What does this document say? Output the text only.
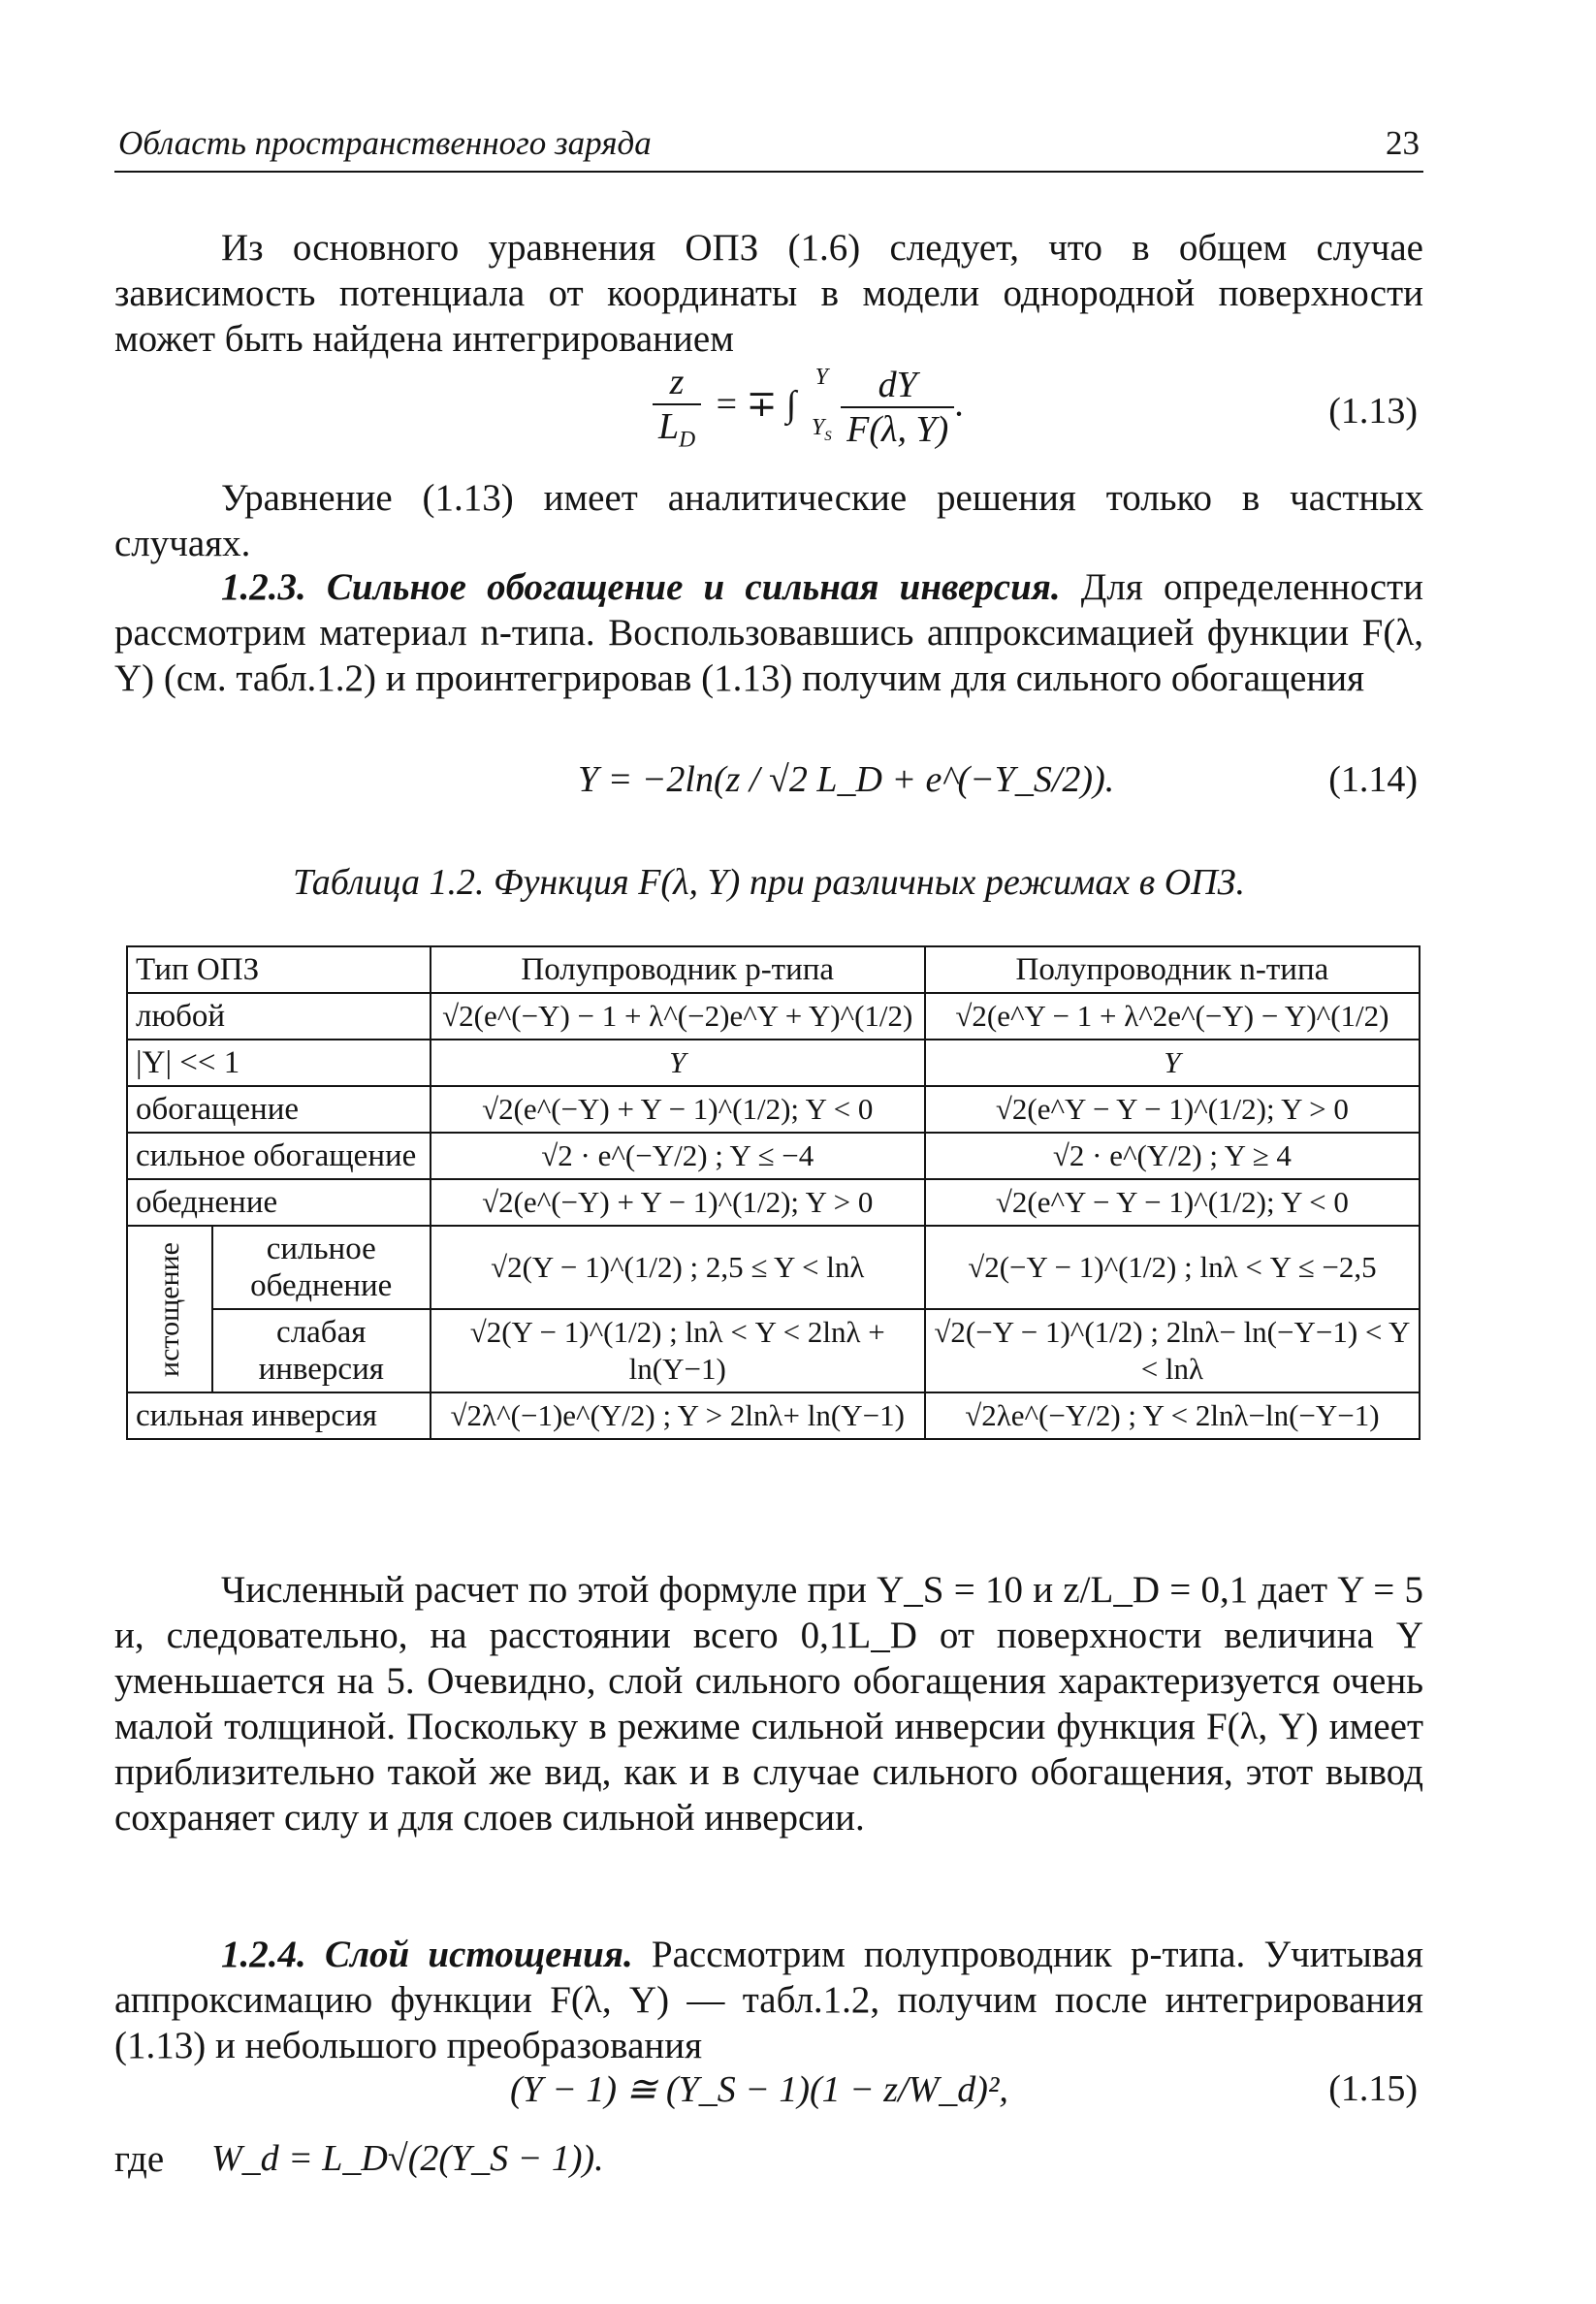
Область пространственного заряда	23

Из основного уравнения ОПЗ (1.6) следует, что в общем случае зависимость потенциала от координаты в модели однородной поверхности может быть найдена интегрированием

$\frac{z}{L_D}$ = ∓ ∫
Y

$Y_S$
$\frac{dY}{F(\lambda, Y)}$ .	(1.13)

Уравнение (1.13) имеет аналитические решения только в частных случаях.

1.2.3. Сильное обогащение и сильная инверсия. Для определенности рассмотрим материал n-типа. Воспользовавшись аппроксимацией функции F(λ, Y) (см. табл.1.2) и проинтегрировав (1.13) получим для сильного обогащения

Y = −2ln(z / √2 L_D + e^(−Y_S/2)).	(1.14)
Таблица 1.2. Функция F(λ, Y) при различных режимах в ОПЗ.
Тип ОПЗ		Полупроводник p-типа	Полупроводник n-типа
любой		√2(e^(−Y) − 1 + λ^(−2)e^Y + Y)^(1/2)	√2(e^Y − 1 + λ^2e^(−Y) − Y)^(1/2)
|Y| << 1		Y	Y
обогащение		√2(e^(−Y) + Y − 1)^(1/2); Y < 0	√2(e^Y − Y − 1)^(1/2); Y > 0
сильное обогащение		√2 · e^(−Y/2) ; Y ≤ −4	√2 · e^(Y/2) ; Y ≥ 4
обеднение		√2(e^(−Y) + Y − 1)^(1/2); Y > 0	√2(e^Y − Y − 1)^(1/2); Y < 0

истощение	сильное обеднение	√2(Y − 1)^(1/2) ; 2,5 ≤ Y < lnλ	√2(−Y − 1)^(1/2) ; lnλ < Y ≤ −2,5
	слабая инверсия	√2(Y − 1)^(1/2) ; lnλ < Y < 2lnλ + ln(Y−1)	√2(−Y − 1)^(1/2) ; 2lnλ− ln(−Y−1) < Y < lnλ
сильная инверсия		√2λ^(−1)e^(Y/2) ; Y > 2lnλ+ ln(Y−1)	√2λe^(−Y/2) ; Y < 2lnλ−ln(−Y−1)

Численный расчет по этой формуле при Y_S = 10 и z/L_D = 0,1 дает Y = 5 и, следовательно, на расстоянии всего 0,1L_D от поверхности величина Y уменьшается на 5. Очевидно, слой сильного обогащения характеризуется очень малой толщиной. Поскольку в режиме сильной инверсии функция F(λ, Y) имеет приблизительно такой же вид, как и в случае сильного обогащения, этот вывод сохраняет силу и для слоев сильной инверсии.

1.2.4. Слой истощения. Рассмотрим полупроводник p-типа. Учитывая аппроксимацию функции F(λ, Y) — табл.1.2, получим после интегрирования (1.13) и небольшого преобразования

(Y − 1) ≅ (Y_S − 1)(1 − z/W_d)²,	(1.15)
где W_d = L_D√(2(Y_S − 1)).
